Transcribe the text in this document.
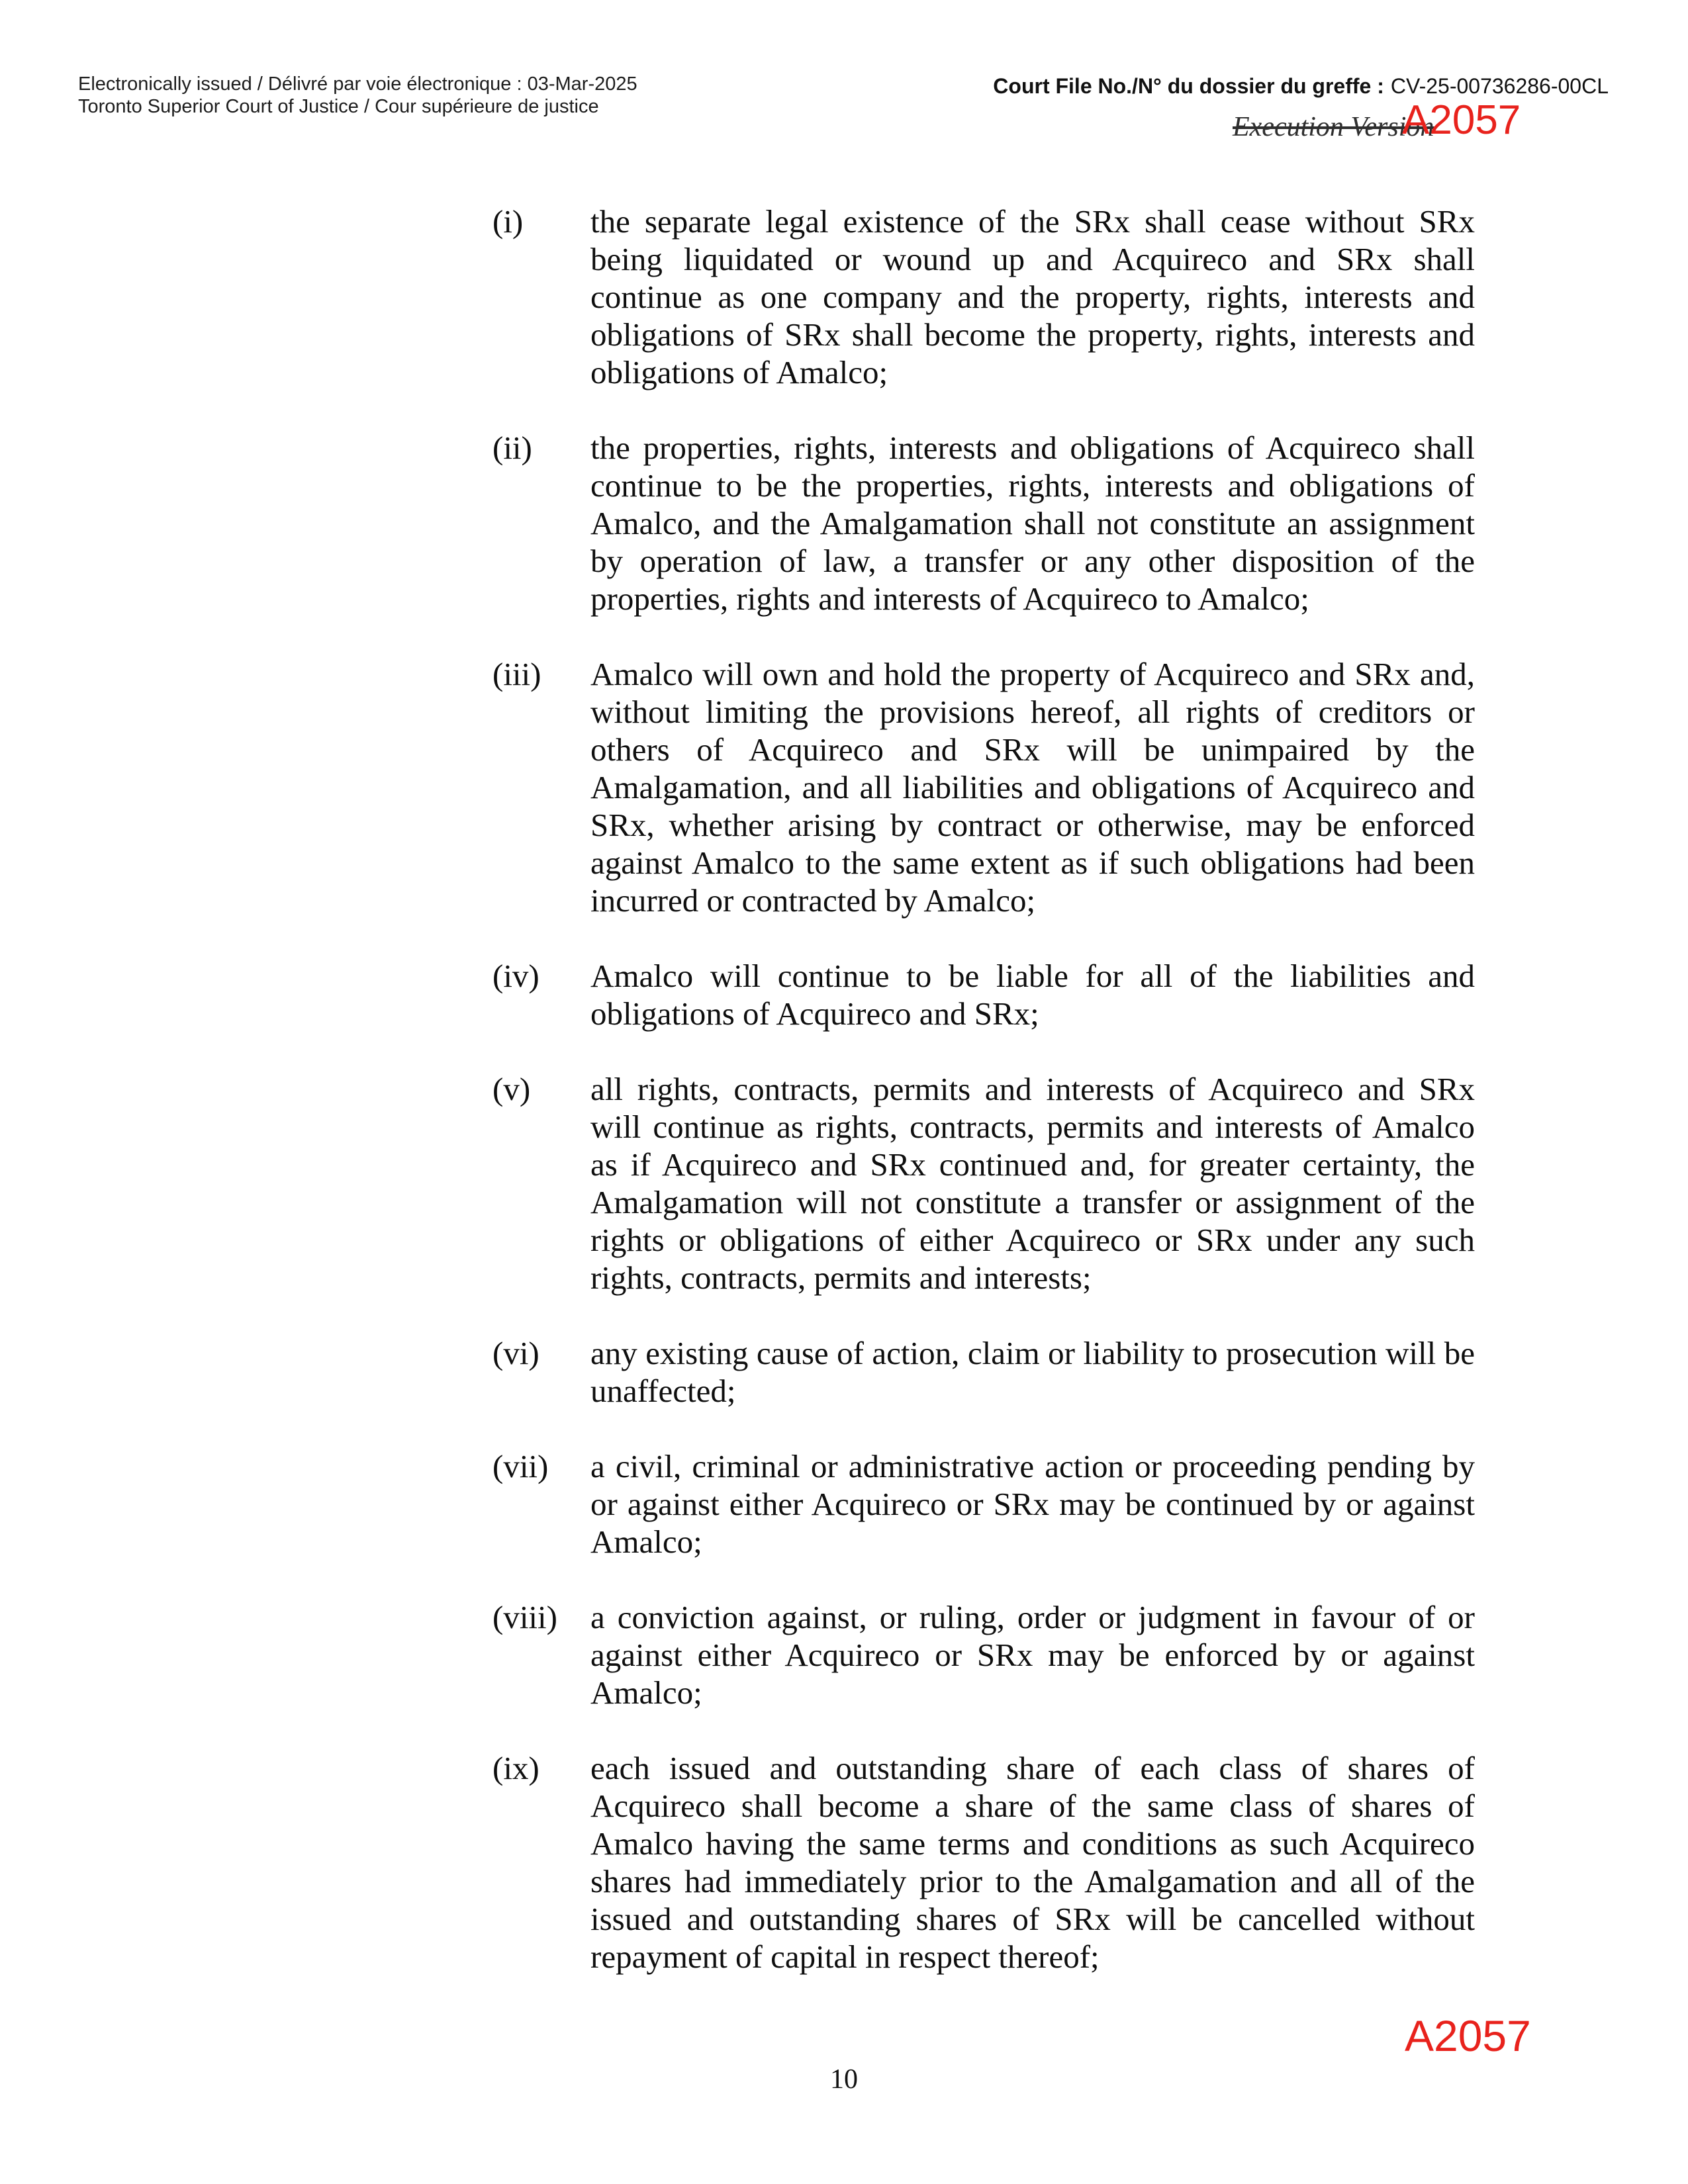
Electronically issued / Délivré par voie électronique : 03-Mar-2025
Toronto Superior Court of Justice / Cour supérieure de justice
Court File No./N° du dossier du greffe : CV-25-00736286-00CL
Execution Version
A2057
(i)	the separate legal existence of the SRx shall cease without SRx being liquidated or wound up and Acquireco and SRx shall continue as one company and the property, rights, interests and obligations of SRx shall become the property, rights, interests and obligations of Amalco;
(ii)	the properties, rights, interests and obligations of Acquireco shall continue to be the properties, rights, interests and obligations of Amalco, and the Amalgamation shall not constitute an assignment by operation of law, a transfer or any other disposition of the properties, rights and interests of Acquireco to Amalco;
(iii)	Amalco will own and hold the property of Acquireco and SRx and, without limiting the provisions hereof, all rights of creditors or others of Acquireco and SRx will be unimpaired by the Amalgamation, and all liabilities and obligations of Acquireco and SRx, whether arising by contract or otherwise, may be enforced against Amalco to the same extent as if such obligations had been incurred or contracted by Amalco;
(iv)	Amalco will continue to be liable for all of the liabilities and obligations of Acquireco and SRx;
(v)	all rights, contracts, permits and interests of Acquireco and SRx will continue as rights, contracts, permits and interests of Amalco as if Acquireco and SRx continued and, for greater certainty, the Amalgamation will not constitute a transfer or assignment of the rights or obligations of either Acquireco or SRx under any such rights, contracts, permits and interests;
(vi)	any existing cause of action, claim or liability to prosecution will be unaffected;
(vii)	a civil, criminal or administrative action or proceeding pending by or against either Acquireco or SRx may be continued by or against Amalco;
(viii)	a conviction against, or ruling, order or judgment in favour of or against either Acquireco or SRx may be enforced by or against Amalco;
(ix)	each issued and outstanding share of each class of shares of Acquireco shall become a share of the same class of shares of Amalco having the same terms and conditions as such Acquireco shares had immediately prior to the Amalgamation and all of the issued and outstanding shares of SRx will be cancelled without repayment of capital in respect thereof;
A2057
10
